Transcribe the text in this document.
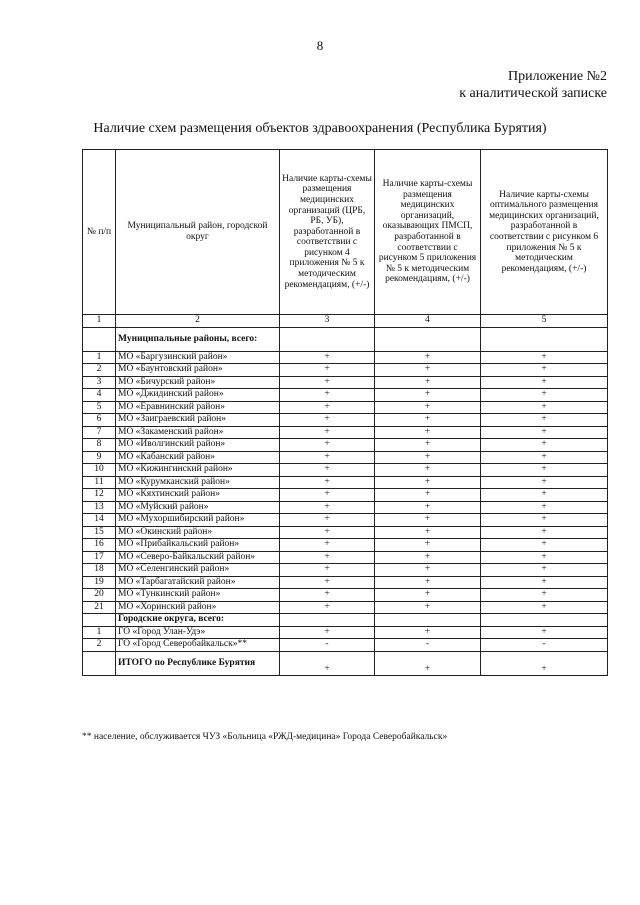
8
Приложение №2
к аналитической записке
Наличие схем размещения объектов здравоохранения (Республика Бурятия)
№ п/п	Муниципальный район, городской округ	Наличие карты-схемы размещения медицинских организаций (ЦРБ, РБ, УБ), разработанной в соответствии с рисунком 4 приложения № 5 к методическим рекомендациям, (+/-)	Наличие карты-схемы размещения медицинских организаций, оказывающих ПМСП, разработанной в соответствии с рисунком 5 приложения № 5 к методическим рекомендациям, (+/-)	Наличие карты-схемы оптимального размещения медицинских организаций, разработанной в соответствии с рисунком 6 приложения № 5 к методическим рекомендациям, (+/-)
1	2	3	4	5
	Муниципальные районы, всего:			
1	МО «Баргузинский район»	+	+	+
2	МО «Баунтовский район»	+	+	+
3	МО «Бичурский район»	+	+	+
4	МО «Джидинский район»	+	+	+
5	МО «Еравнинский район»	+	+	+
6	МО «Заиграевский район»	+	+	+
7	МО «Закаменский район»	+	+	+
8	МО «Иволгинский район»	+	+	+
9	МО «Кабанский район»	+	+	+
10	МО «Кижингинский район»	+	+	+
11	МО «Курумканский район»	+	+	+
12	МО «Кяхтинский район»	+	+	+
13	МО «Муйский район»	+	+	+
14	МО «Мухоршибирский район»	+	+	+
15	МО «Окинский район»	+	+	+
16	МО «Прибайкальский район»	+	+	+
17	МО «Северо-Байкальский район»	+	+	+
18	МО «Селенгинский район»	+	+	+
19	МО «Тарбагатайский район»	+	+	+
20	МО «Тункинский район»	+	+	+
21	МО «Хоринский район»	+	+	+
	Городские округа, всего:			
1	ГО «Город Улан-Удэ»	+	+	+
2	ГО «Город Северобайкальск»**	-	-	-
	ИТОГО по Республике Бурятия	+	+	+
** население, обслуживается ЧУЗ «Больница «РЖД-медицина» Города Северобайкальск»
